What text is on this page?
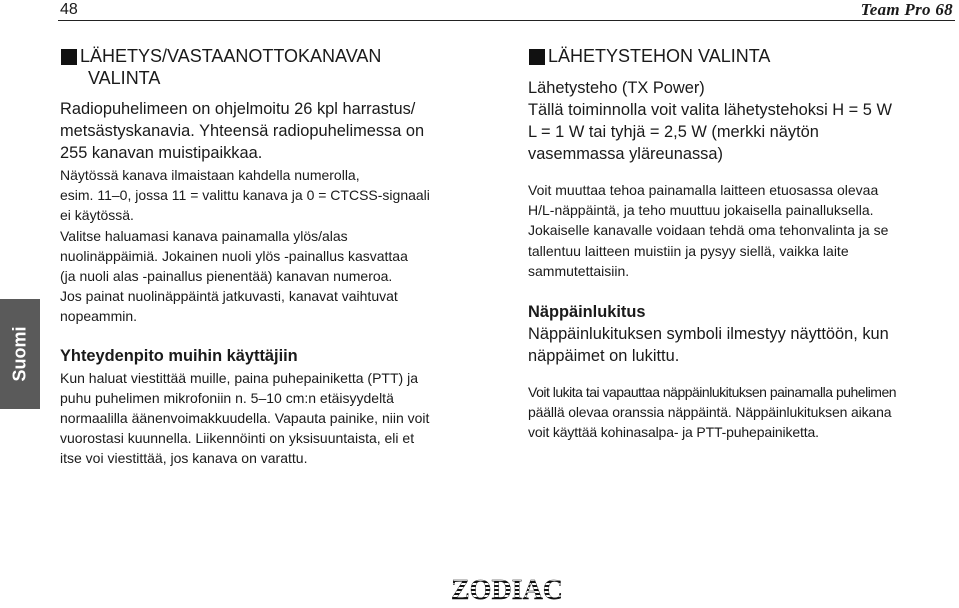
48	Team Pro 68
Suomi
LÄHETYS/VASTAANOTTOKANAVAN
VALINTA

Radiopuhelimeen on ohjelmoitu 26 kpl harrastus/
metsästyskanavia. Yhteensä radiopuhelimessa on
255 kanavan muistipaikkaa.

Näytössä kanava ilmaistaan kahdella numerolla,
esim. 11–0, jossa 11 = valittu kanava ja 0 = CTCSS-signaali
ei käytössä.
Valitse haluamasi kanava painamalla ylös/alas
nuolinäppäimiä. Jokainen nuoli ylös -painallus kasvattaa
(ja nuoli alas -painallus pienentää) kanavan numeroa.
Jos painat nuolinäppäintä jatkuvasti, kanavat vaihtuvat
nopeammin.

Yhteydenpito muihin käyttäjiin

Kun haluat viestittää muille, paina puhepainiketta (PTT) ja
puhu puhelimen mikrofoniin n. 5–10 cm:n etäisyydeltä
normaalilla äänenvoimakkuudella. Vapauta painike, niin voit
vuorostasi kuunnella. Liikennöinti on yksisuuntaista, eli et
itse voi viestittää, jos kanava on varattu.

LÄHETYSTEHON VALINTA
Lähetysteho (TX Power)

Tällä toiminnolla voit valita lähetystehoksi H = 5 W
L = 1 W tai tyhjä = 2,5 W (merkki näytön
vasemmassa yläreunassa)

Voit muuttaa tehoa painamalla laitteen etuosassa olevaa
H/L-näppäintä, ja teho muuttuu jokaisella painalluksella.
Jokaiselle kanavalle voidaan tehdä oma tehonvalinta ja se
tallentuu laitteen muistiin ja pysyy siellä, vaikka laite
sammutettaisiin.

Näppäinlukitus

Näppäinlukituksen symboli ilmestyy näyttöön, kun
näppäimet on lukittu.

Voit lukita tai vapauttaa näppäinlukituksen painamalla puhelimen
päällä olevaa oranssia näppäintä. Näppäinlukituksen aikana
voit käyttää kohinasalpa- ja PTT-puhepainiketta.

ZODIAC
